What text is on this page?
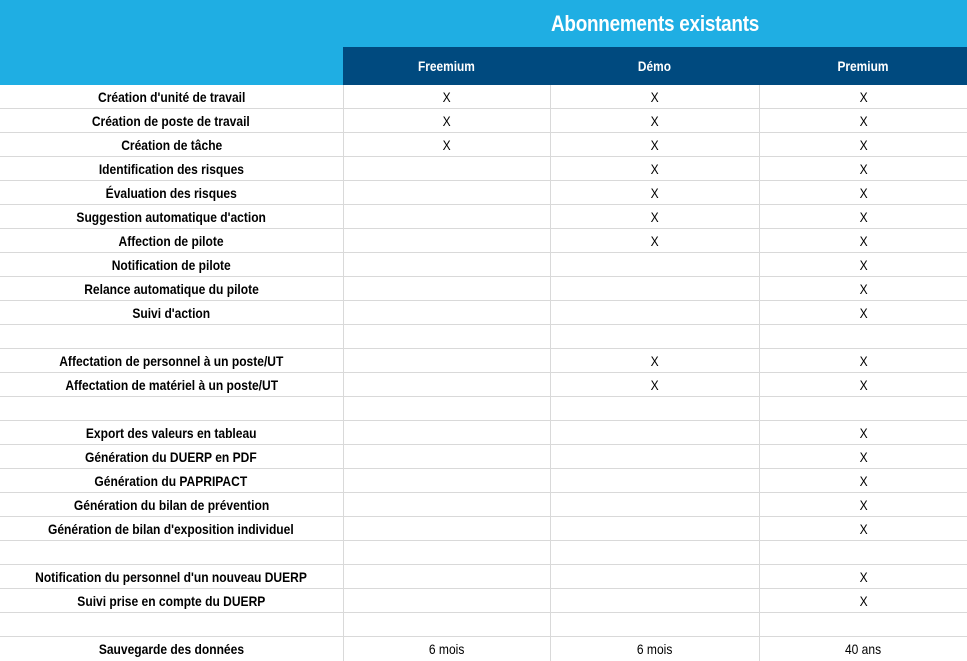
Abonnements existants
Freemium	Démo	Premium
Création d'unité de travail	X	X	X
Création de poste de travail	X	X	X
Création de tâche	X	X	X
Identification des risques		X	X
Évaluation des risques		X	X
Suggestion automatique d'action		X	X
Affection de pilote		X	X
Notification de pilote			X
Relance automatique du pilote			X
Suivi d'action			X

Affectation de personnel à un poste/UT		X	X
Affectation de matériel à un poste/UT		X	X

Export des valeurs en tableau			X
Génération du DUERP en PDF			X
Génération du PAPRIPACT			X
Génération du bilan de prévention			X
Génération de bilan d'exposition individuel			X

Notification du personnel d'un nouveau DUERP			X
Suivi prise en compte du DUERP			X

Sauvegarde des données	6 mois	6 mois	40 ans
